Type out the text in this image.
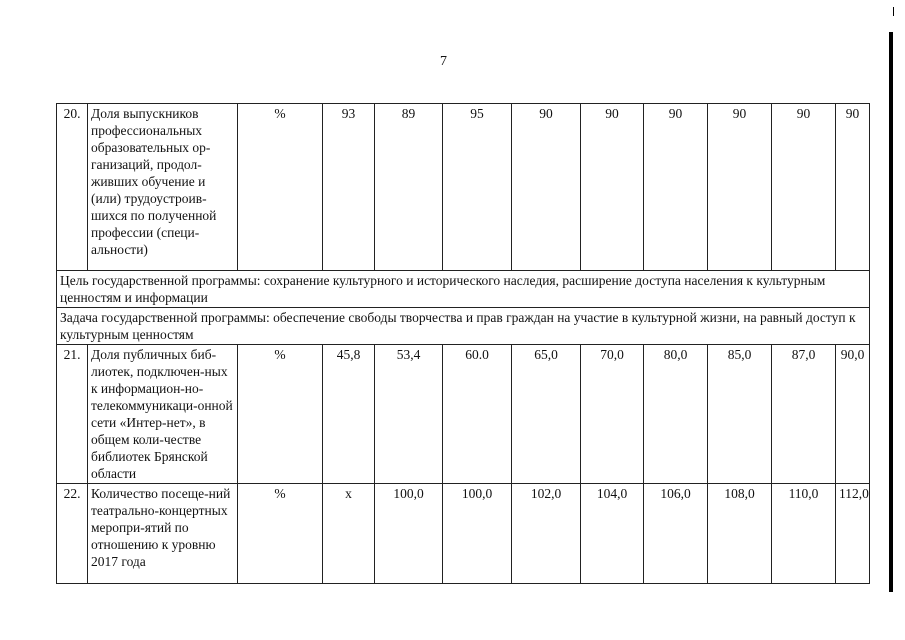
7
20.	Доля выпускников профессиональных образовательных ор-ганизаций, продол-живших обучение и (или) трудоустроив-шихся по полученной профессии (специ-альности)	%	93	89	95	90	90	90	90	90	90
Цель государственной программы: сохранение культурного и исторического наследия, расширение доступа населения к культурным ценностям и информации											
Задача государственной программы: обеспечение свободы творчества и прав граждан на участие в культурной жизни, на равный доступ к культурным ценностям											
21.	Доля публичных биб-лиотек, подключен-ных к информацион-но-телекоммуникаци-онной сети «Интер-нет», в общем коли-честве библиотек Брянской области	%	45,8	53,4	60.0	65,0	70,0	80,0	85,0	87,0	90,0
22.	Количество посеще-ний театрально-концертных меропри-ятий по отношению к уровню 2017 года	%	х	100,0	100,0	102,0	104,0	106,0	108,0	110,0	112,0
